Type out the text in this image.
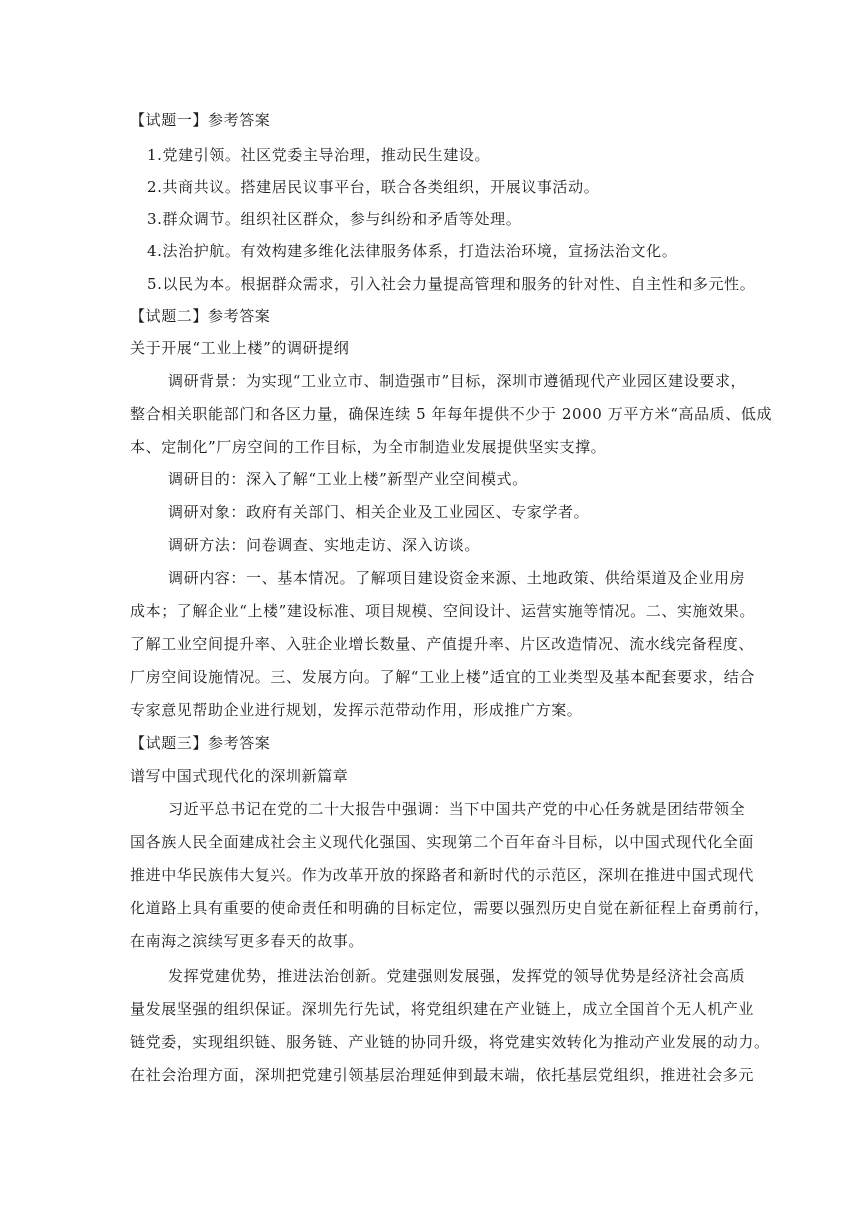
【试题一】参考答案
1.党建引领。社区党委主导治理，推动民生建设。
2.共商共议。搭建居民议事平台，联合各类组织，开展议事活动。
3.群众调节。组织社区群众，参与纠纷和矛盾等处理。
4.法治护航。有效构建多维化法律服务体系，打造法治环境，宣扬法治文化。
5.以民为本。根据群众需求，引入社会力量提高管理和服务的针对性、自主性和多元性。
【试题二】参考答案
关于开展“工业上楼”的调研提纲
调研背景：为实现“工业立市、制造强市”目标，深圳市遵循现代产业园区建设要求，
整合相关职能部门和各区力量，确保连续 5 年每年提供不少于 2000 万平方米“高品质、低成
本、定制化”厂房空间的工作目标，为全市制造业发展提供坚实支撑。
调研目的：深入了解“工业上楼”新型产业空间模式。
调研对象：政府有关部门、相关企业及工业园区、专家学者。
调研方法：问卷调查、实地走访、深入访谈。
调研内容：一、基本情况。了解项目建设资金来源、土地政策、供给渠道及企业用房
成本；了解企业“上楼”建设标准、项目规模、空间设计、运营实施等情况。二、实施效果。
了解工业空间提升率、入驻企业增长数量、产值提升率、片区改造情况、流水线完备程度、
厂房空间设施情况。三、发展方向。了解“工业上楼”适宜的工业类型及基本配套要求，结合
专家意见帮助企业进行规划，发挥示范带动作用，形成推广方案。
【试题三】参考答案
谱写中国式现代化的深圳新篇章
习近平总书记在党的二十大报告中强调：当下中国共产党的中心任务就是团结带领全
国各族人民全面建成社会主义现代化强国、实现第二个百年奋斗目标，以中国式现代化全面
推进中华民族伟大复兴。作为改革开放的探路者和新时代的示范区，深圳在推进中国式现代
化道路上具有重要的使命责任和明确的目标定位，需要以强烈历史自觉在新征程上奋勇前行，
在南海之滨续写更多春天的故事。
发挥党建优势，推进法治创新。党建强则发展强，发挥党的领导优势是经济社会高质
量发展坚强的组织保证。深圳先行先试，将党组织建在产业链上，成立全国首个无人机产业
链党委，实现组织链、服务链、产业链的协同升级，将党建实效转化为推动产业发展的动力。
在社会治理方面，深圳把党建引领基层治理延伸到最末端，依托基层党组织，推进社会多元
